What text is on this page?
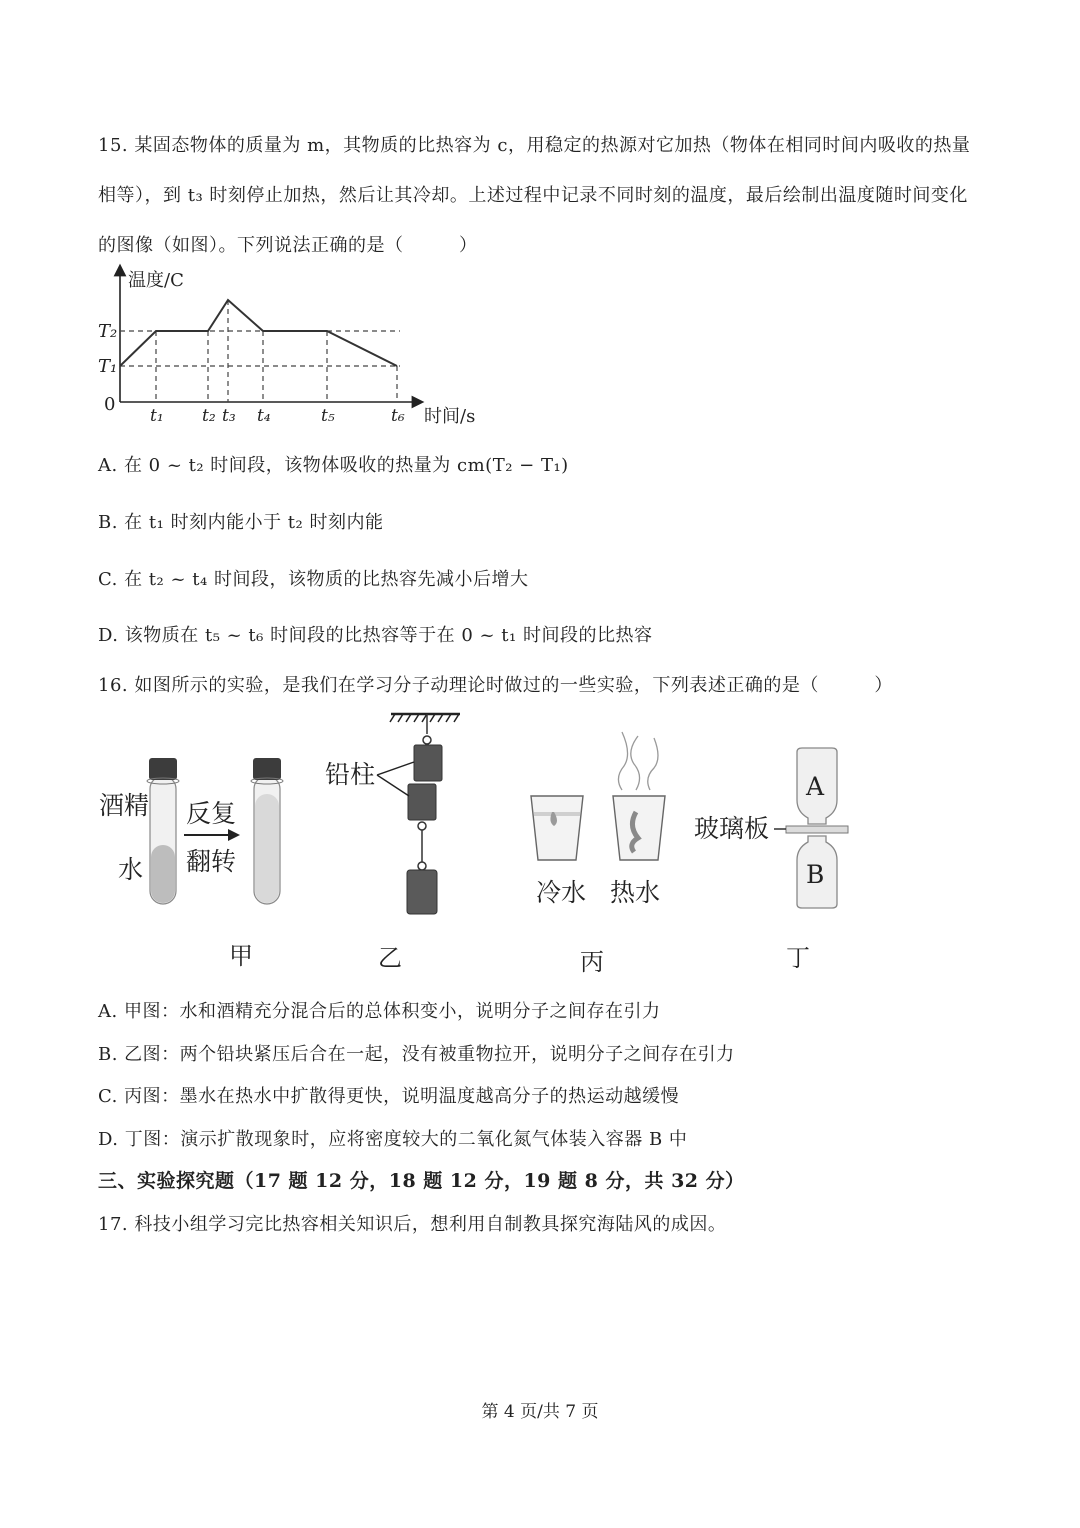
15. 某固态物体的质量为 m，其物质的比热容为 c，用稳定的热源对它加热（物体在相同时间内吸收的热量
相等），到 t₃ 时刻停止加热，然后让其冷却。上述过程中记录不同时刻的温度，最后绘制出温度随时间变化
的图像（如图）。下列说法正确的是（　　　）
T₂
T₁
t₁ t₂ t₃ t₄	t₅	t₆
温度/C
时间/s
0
A. 在 0 ~ t₂ 时间段，该物体吸收的热量为 cm(T₂ − T₁)
B. 在 t₁ 时刻内能小于 t₂ 时刻内能
C. 在 t₂ ~ t₄ 时间段，该物质的比热容先减小后增大
D. 该物质在 t₅ ~ t₆ 时间段的比热容等于在 0 ~ t₁ 时间段的比热容
16. 如图所示的实验，是我们在学习分子动理论时做过的一些实验，下列表述正确的是（　　　）
酒精
水
反复
翻转
甲
铅柱
乙
冷水 热水
丙
A
B
玻璃板
丁
A. 甲图：水和酒精充分混合后的总体积变小，说明分子之间存在引力
B. 乙图：两个铅块紧压后合在一起，没有被重物拉开，说明分子之间存在引力
C. 丙图：墨水在热水中扩散得更快，说明温度越高分子的热运动越缓慢
D. 丁图：演示扩散现象时，应将密度较大的二氧化氮气体装入容器 B 中
三、实验探究题（17 题 12 分，18 题 12 分，19 题 8 分，共 32 分）
17. 科技小组学习完比热容相关知识后，想利用自制教具探究海陆风的成因。
第 4 页/共 7 页
